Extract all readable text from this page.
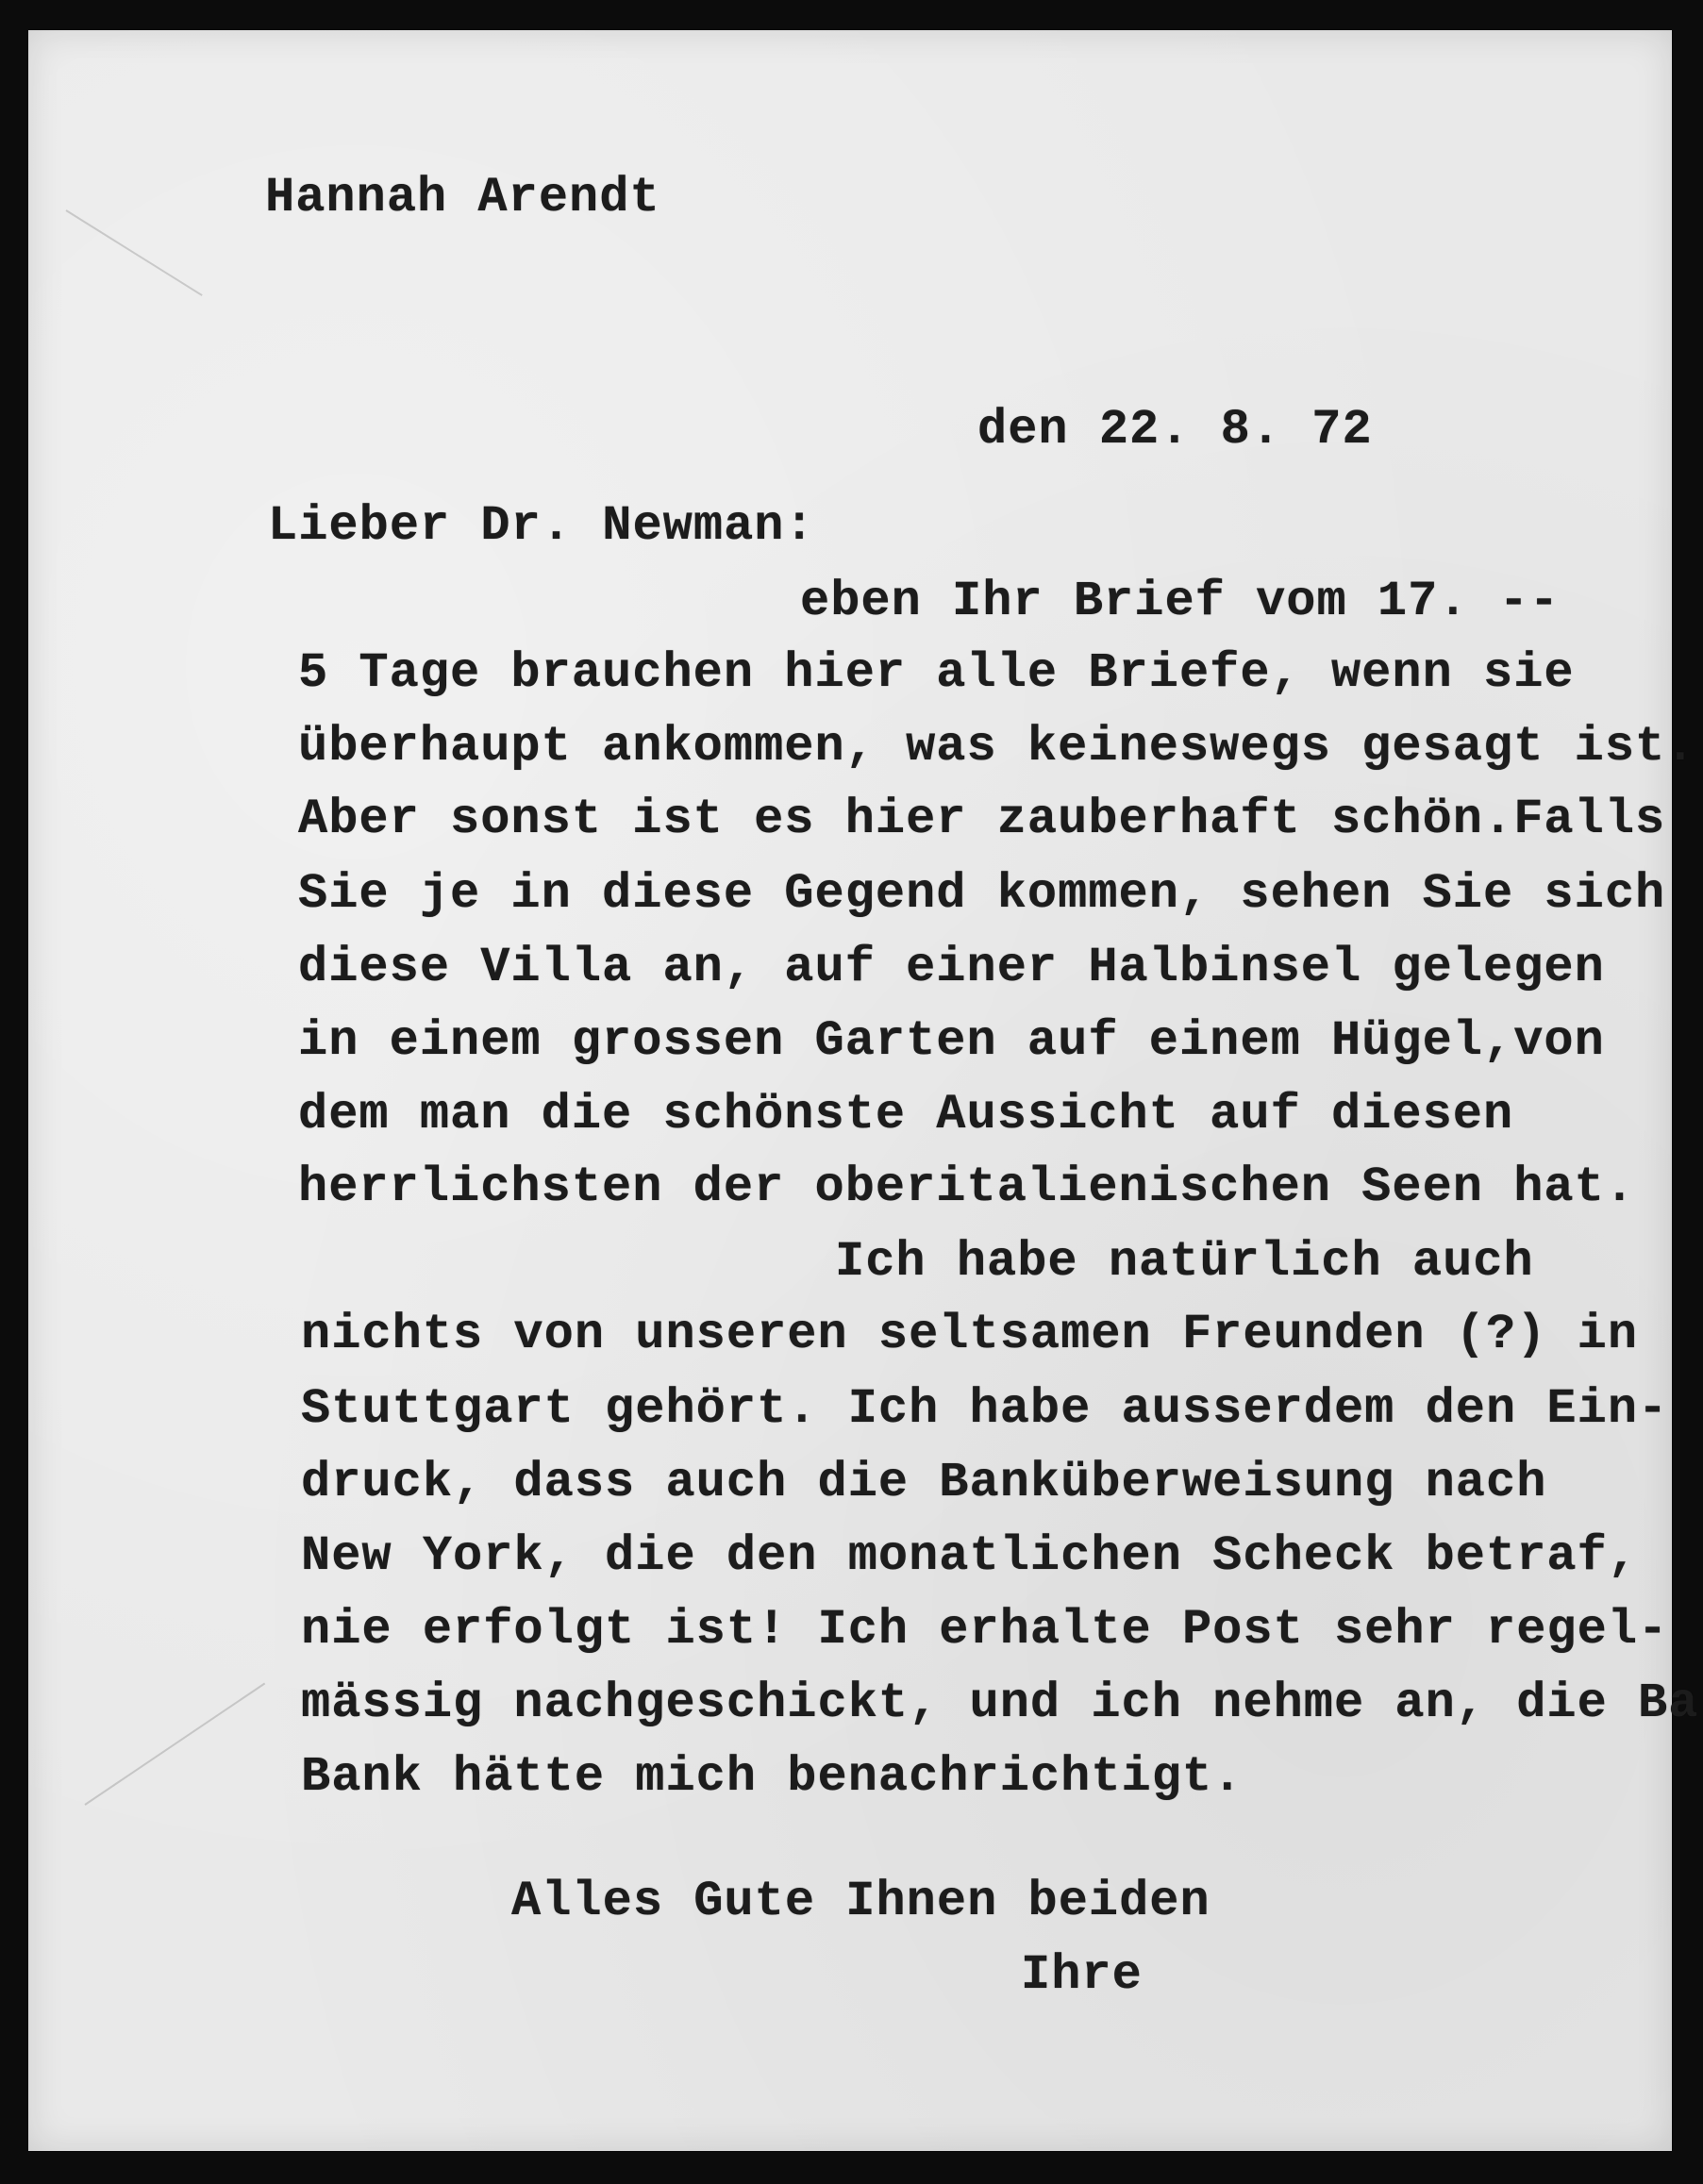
Hannah Arendt
den 22. 8. 72
Lieber Dr. Newman:
eben Ihr Brief vom 17. --
5 Tage brauchen hier alle Briefe, wenn sie
überhaupt ankommen, was keineswegs gesagt ist.
Aber sonst ist es hier zauberhaft schön.Falls
Sie je in diese Gegend kommen, sehen Sie sich
diese Villa an, auf einer Halbinsel gelegen
in einem grossen Garten auf einem Hügel,von
dem man die schönste Aussicht auf diesen
herrlichsten der oberitalienischen Seen hat.
Ich habe natürlich auch
nichts von unseren seltsamen Freunden (?) in
Stuttgart gehört. Ich habe ausserdem den Ein-
druck, dass auch die Banküberweisung nach
New York, die den monatlichen Scheck betraf,
nie erfolgt ist! Ich erhalte Post sehr regel-
mässig nachgeschickt, und ich nehme an, die Ba
Bank hätte mich benachrichtigt.
Alles Gute Ihnen beiden
Ihre
